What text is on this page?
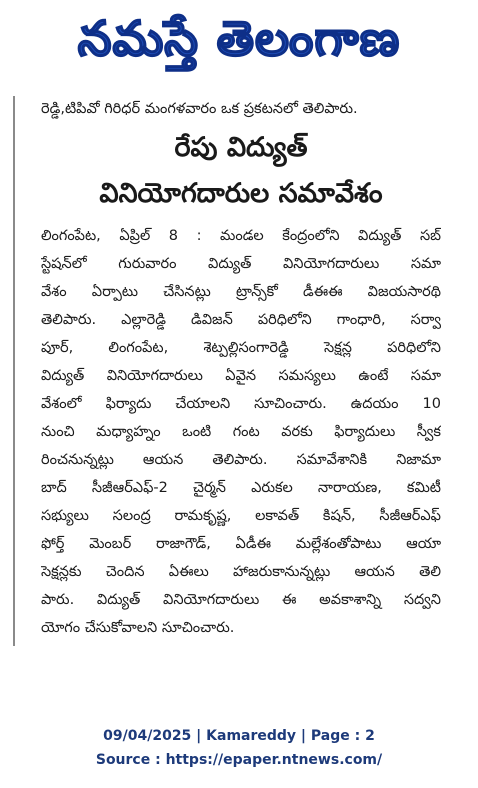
నమస్తే తెలంగాణ
రెడ్డి,టిపివో గిరిధర్ మంగళవారం ఒక ప్రకటనలో తెలిపారు.
రేపు విద్యుత్
వినియోగదారుల సమావేశం
లింగంపేట, ఏప్రిల్ 8 : మండల కేంద్రంలోని విద్యుత్ సబ్
స్టేషన్‌లో గురువారం విద్యుత్ వినియోగదారులు సమా
వేశం ఏర్పాటు చేసినట్లు ట్రాన్స్‌కో డీఈఈ విజయసారథి
తెలిపారు. ఎల్లారెడ్డి డివిజన్ పరిధిలోని గాంధారి, సర్వా
పూర్, లింగంపేట, శెట్పల్లిసంగారెడ్డి సెక్షన్ల పరిధిలోని
విద్యుత్ వినియోగదారులు ఏవైన సమస్యలు ఉంటే సమా
వేశంలో ఫిర్యాదు చేయాలని సూచించారు. ఉదయం 10
నుంచి మధ్యాహ్నం ఒంటి గంట వరకు ఫిర్యాదులు స్వీక
రించనున్నట్లు ఆయన తెలిపారు. సమావేశానికి నిజామా
బాద్ సీజీఆర్ఎఫ్-2 చైర్మన్ ఎరుకల నారాయణ, కమిటీ
సభ్యులు సలంద్ర రామకృష్ణ, లకావత్ కిషన్, సీజీఆర్ఎఫ్
ఫోర్త్ మెంబర్ రాజాగౌడ్, ఏడీఈ మల్లేశంతోపాటు ఆయా
సెక్షన్లకు చెందిన ఏఈలు హాజరుకానున్నట్లు ఆయన తెలి
పారు. విద్యుత్ వినియోగదారులు ఈ అవకాశాన్ని సద్వని
యోగం చేసుకోవాలని సూచించారు.
09/04/2025 | Kamareddy | Page : 2
Source : https://epaper.ntnews.com/
